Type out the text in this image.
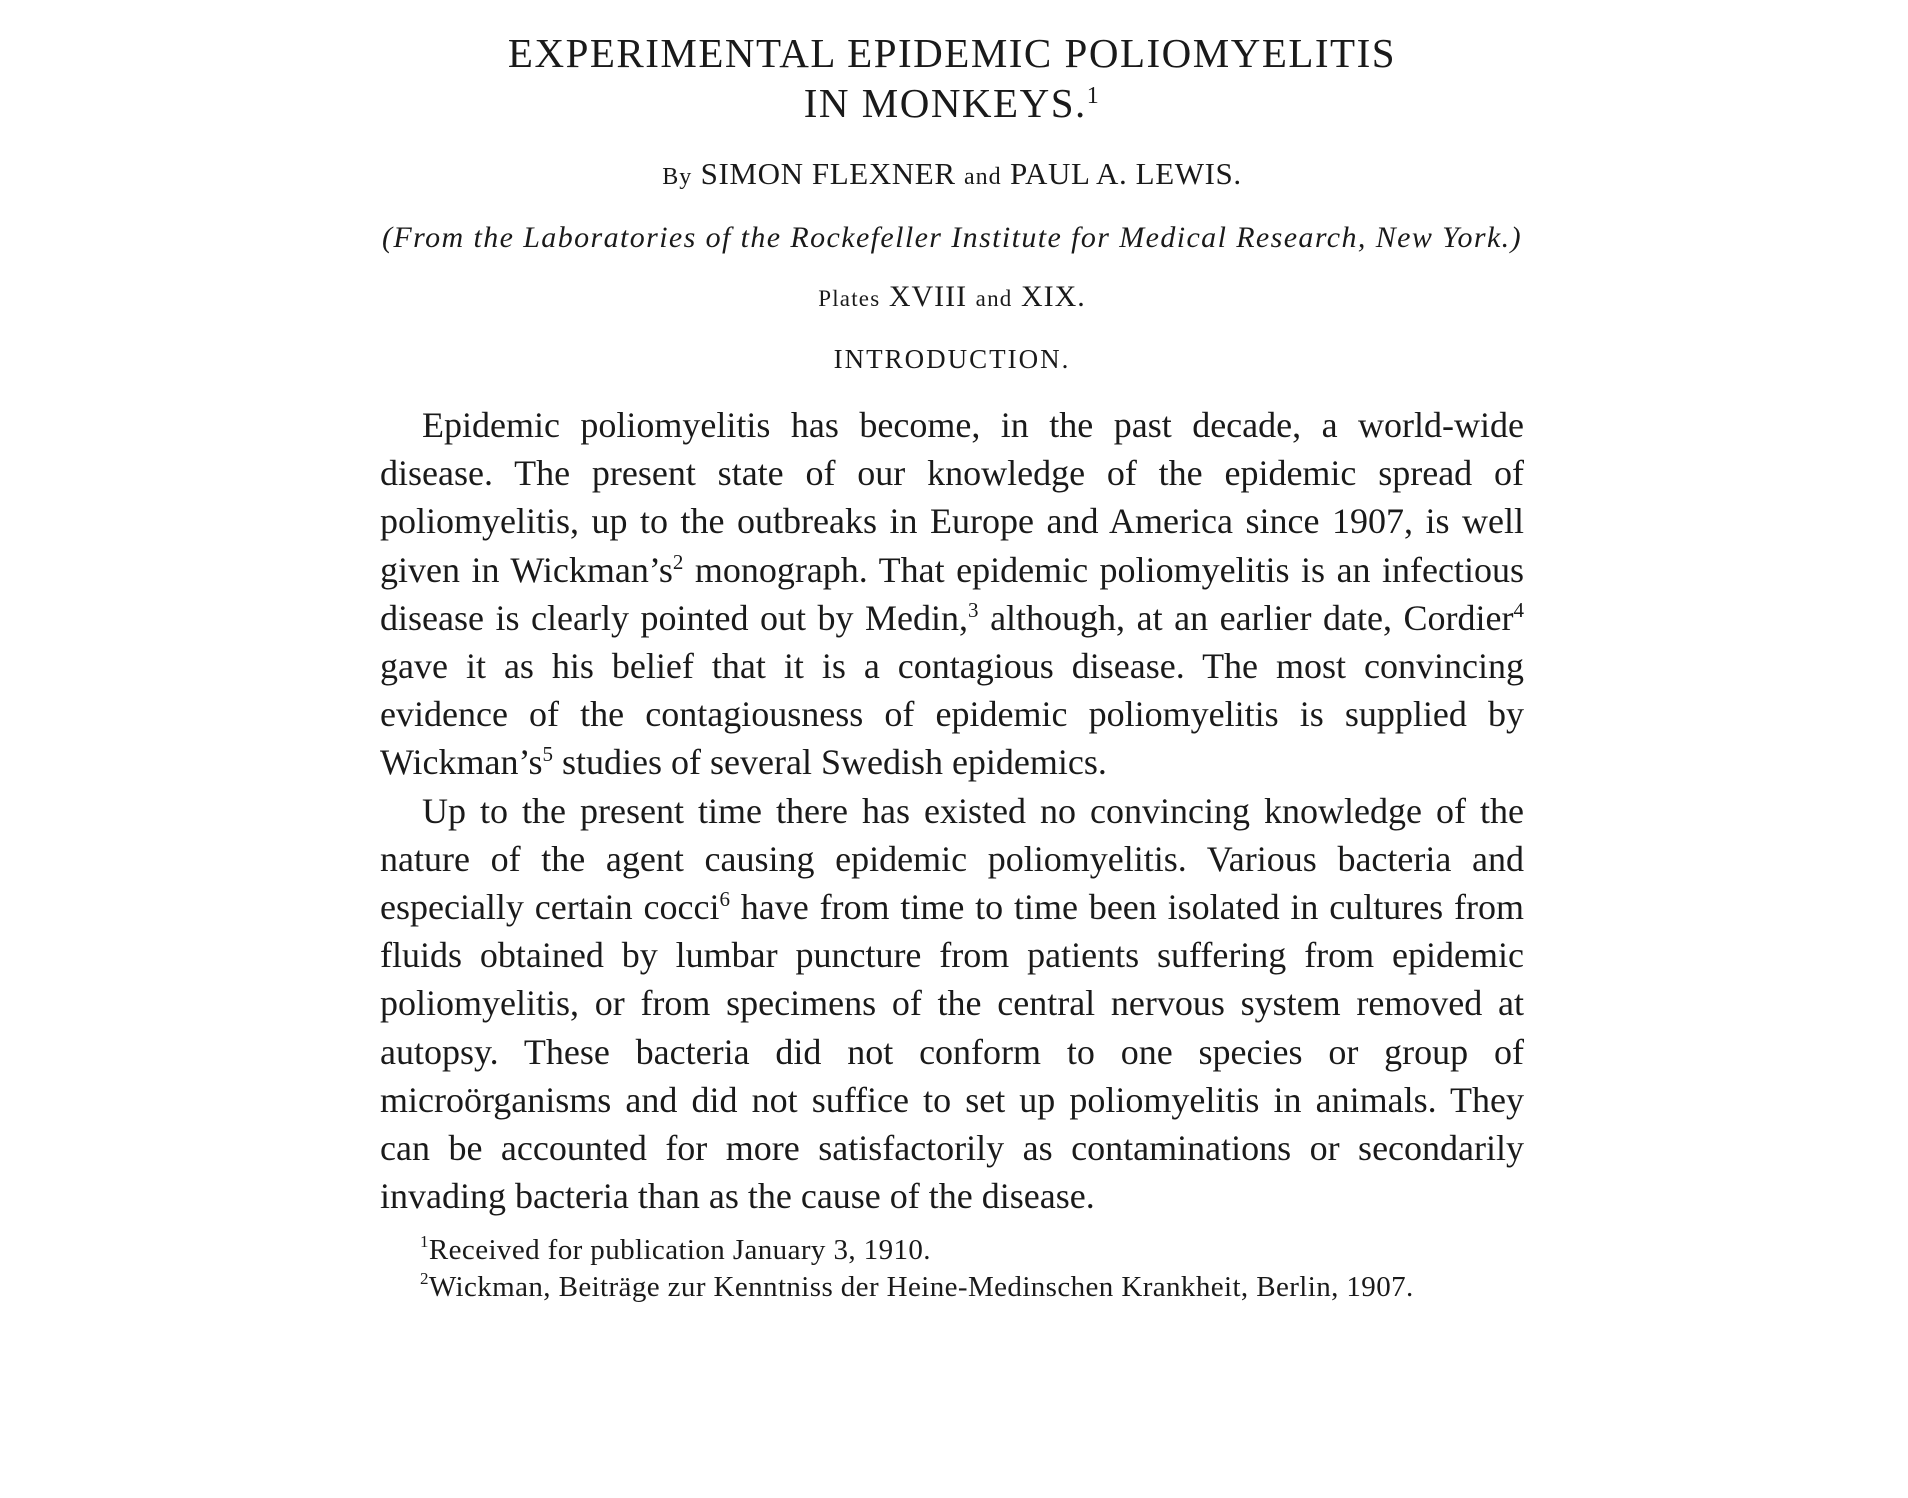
EXPERIMENTAL EPIDEMIC POLIOMYELITIS
IN MONKEYS.$^1$

By SIMON FLEXNER and PAUL A. LEWIS.

(From the Laboratories of the Rockefeller Institute for Medical Research, New York.)

Plates XVIII and XIX.

INTRODUCTION.

Epidemic poliomyelitis has become, in the past decade, a world-wide disease. The present state of our knowledge of the epidemic spread of poliomyelitis, up to the outbreaks in Europe and America since 1907, is well given in $Wickman’s^2$ monograph. That epidemic poliomyelitis is an infectious disease is clearly pointed out by Medin,$^3$ although, at an earlier date, Cordier$^4$ gave it as his belief that it is a contagious disease. The most convincing evidence of the contagiousness of epidemic poliomyelitis is supplied by $Wickman’s^5$ studies of several Swedish epidemics.

Up to the present time there has existed no convincing knowledge of the nature of the agent causing epidemic poliomyelitis. Various bacteria and especially certain cocci$^6$ have from time to time been isolated in cultures from fluids obtained by lumbar puncture from patients suffering from epidemic poliomyelitis, or from specimens of the central nervous system removed at autopsy. These bacteria did not conform to one species or group of microörganisms and did not suffice to set up poliomyelitis in animals. They can be accounted for more satisfactorily as contaminations or secondarily invading bacteria than as the cause of the disease.

$^1$Received for publication January 3, 1910.

$^2$Wickman, Beiträge zur Kenntniss der Heine-Medinschen Krankheit, Berlin, 1907.
